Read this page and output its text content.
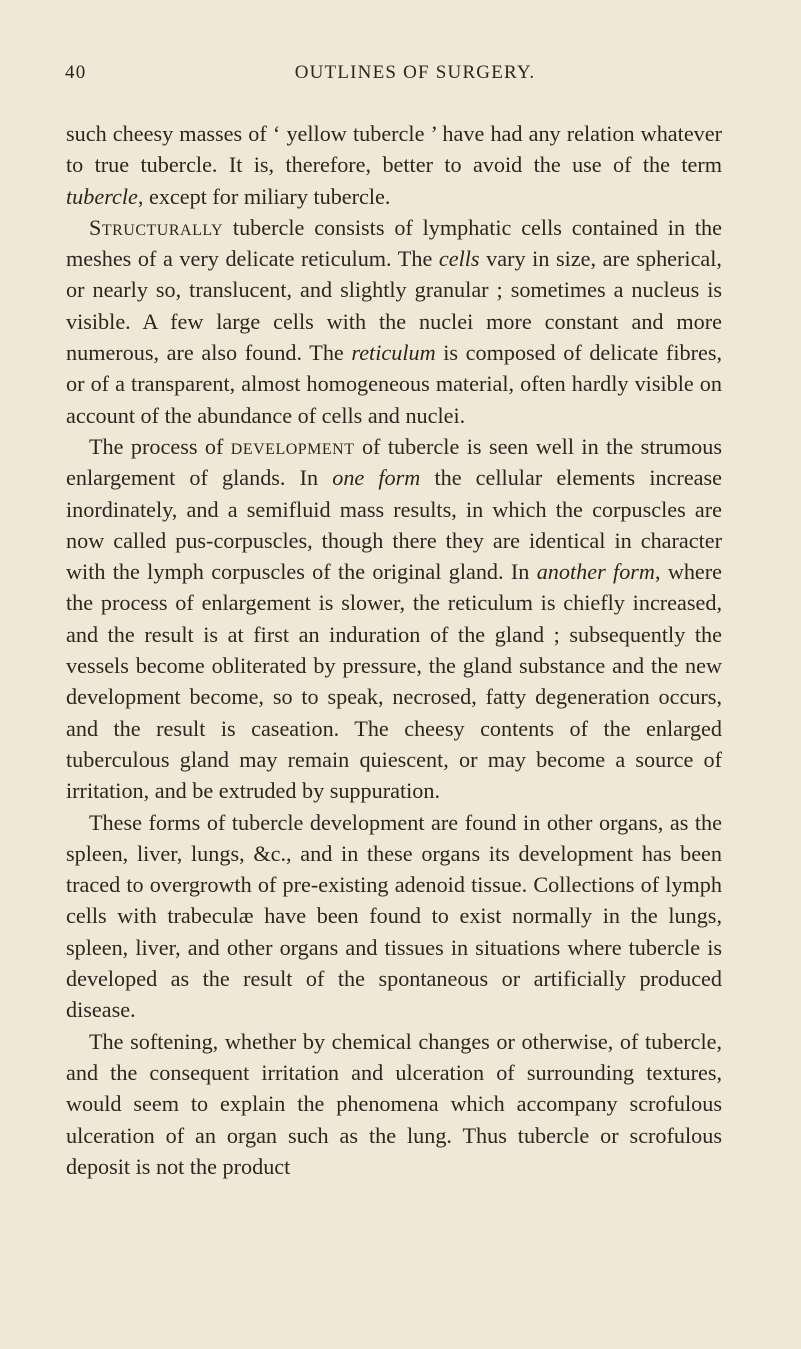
40	OUTLINES OF SURGERY.

such cheesy masses of ‘ yellow tubercle ’ have had any relation whatever to true tubercle. It is, therefore, better to avoid the use of the term tubercle, except for miliary tubercle.

Structurally tubercle consists of lymphatic cells contained in the meshes of a very delicate reticulum. The cells vary in size, are spherical, or nearly so, translucent, and slightly granular ; sometimes a nucleus is visible. A few large cells with the nuclei more constant and more numerous, are also found. The reticulum is composed of delicate fibres, or of a transparent, almost homogeneous material, often hardly visible on account of the abundance of cells and nuclei.

The process of development of tubercle is seen well in the strumous enlargement of glands. In one form the cellular elements increase inordinately, and a semifluid mass results, in which the corpuscles are now called pus-corpuscles, though there they are identical in character with the lymph corpuscles of the original gland. In another form, where the process of enlargement is slower, the reticulum is chiefly increased, and the result is at first an induration of the gland ; subsequently the vessels become obliterated by pressure, the gland substance and the new development become, so to speak, necrosed, fatty degeneration occurs, and the result is caseation. The cheesy contents of the enlarged tuberculous gland may remain quiescent, or may become a source of irritation, and be extruded by suppuration.

These forms of tubercle development are found in other organs, as the spleen, liver, lungs, &c., and in these organs its development has been traced to overgrowth of pre-existing adenoid tissue. Collections of lymph cells with trabeculæ have been found to exist normally in the lungs, spleen, liver, and other organs and tissues in situations where tubercle is developed as the result of the spontaneous or artificially produced disease.

The softening, whether by chemical changes or otherwise, of tubercle, and the consequent irritation and ulceration of surrounding textures, would seem to explain the phenomena which accompany scrofulous ulceration of an organ such as the lung. Thus tubercle or scrofulous deposit is not the product
